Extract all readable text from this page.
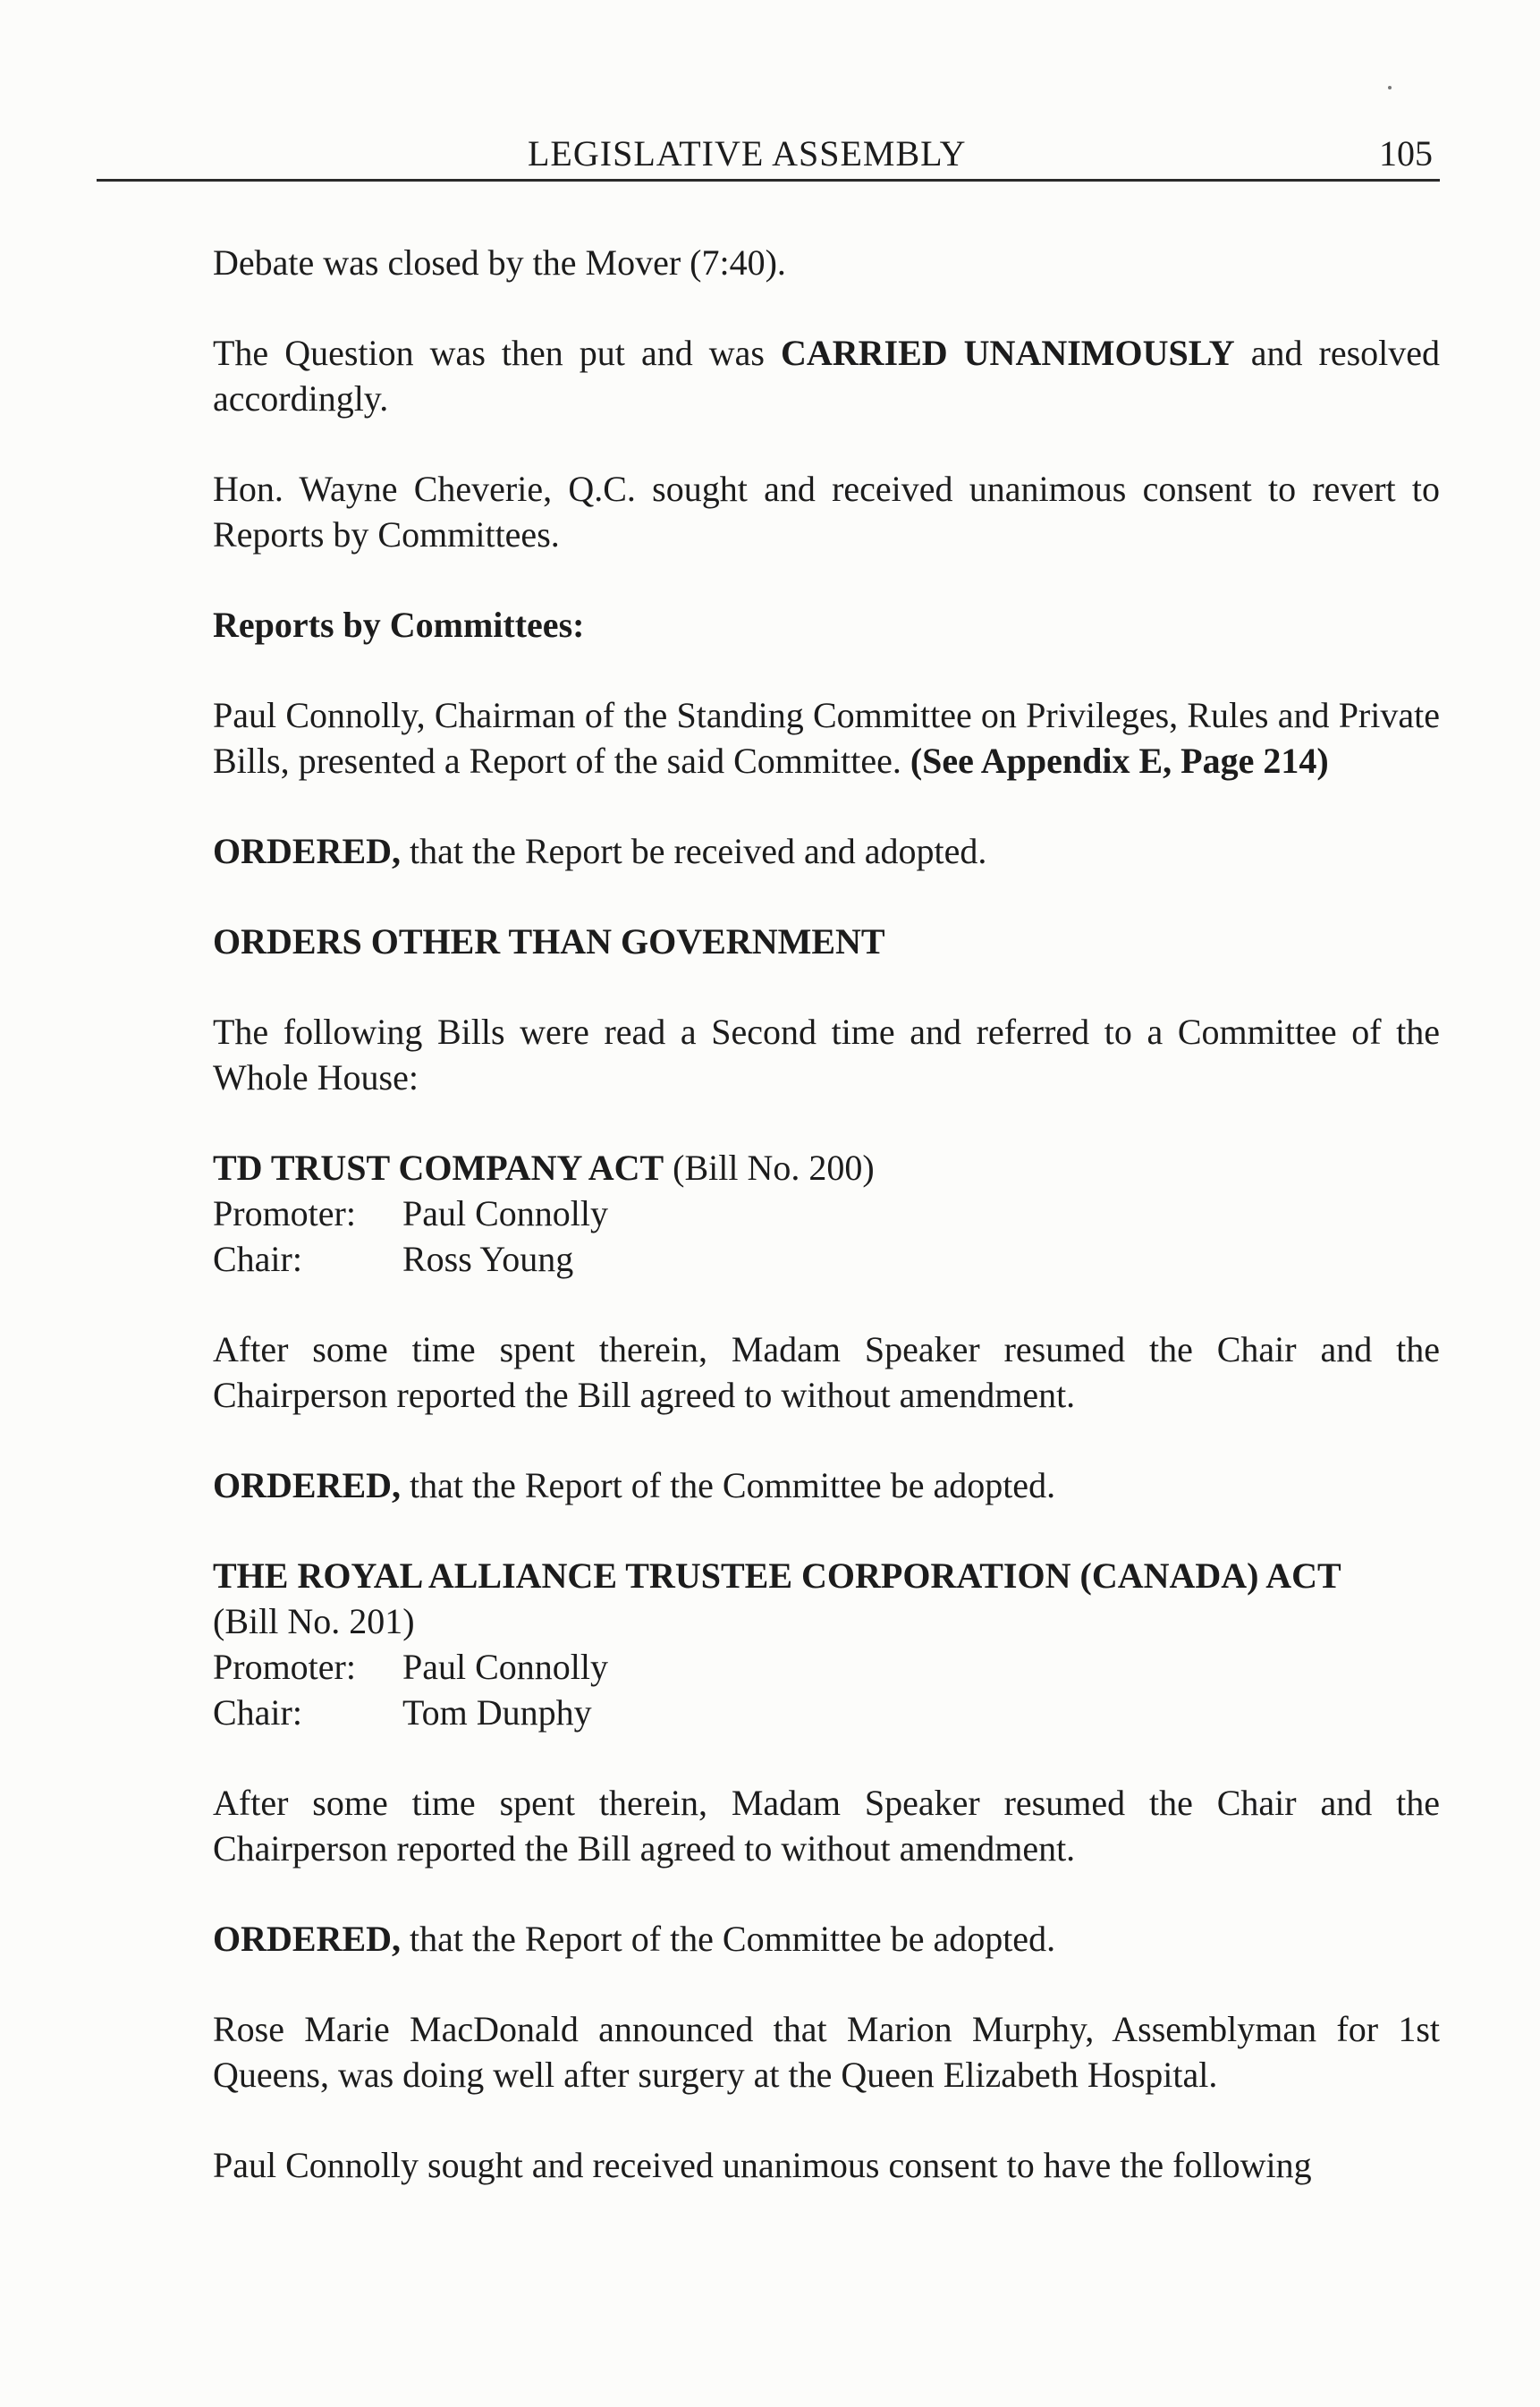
LEGISLATIVE ASSEMBLY	105

Debate was closed by the Mover (7:40).

The Question was then put and was CARRIED UNANIMOUSLY and resolved accordingly.

Hon. Wayne Cheverie, Q.C. sought and received unanimous consent to revert to Reports by Committees.

Reports by Committees:

Paul Connolly, Chairman of the Standing Committee on Privileges, Rules and Private Bills, presented a Report of the said Committee. (See Appendix E, Page 214)

ORDERED, that the Report be received and adopted.

ORDERS OTHER THAN GOVERNMENT

The following Bills were read a Second time and referred to a Committee of the Whole House:

TD TRUST COMPANY ACT (Bill No. 200)
Promoter:	Paul Connolly
Chair:	Ross Young

After some time spent therein, Madam Speaker resumed the Chair and the Chairperson reported the Bill agreed to without amendment.

ORDERED, that the Report of the Committee be adopted.

THE ROYAL ALLIANCE TRUSTEE CORPORATION (CANADA) ACT
(Bill No. 201)
Promoter:	Paul Connolly
Chair:	Tom Dunphy

After some time spent therein, Madam Speaker resumed the Chair and the Chairperson reported the Bill agreed to without amendment.

ORDERED, that the Report of the Committee be adopted.

Rose Marie MacDonald announced that Marion Murphy, Assemblyman for 1st Queens, was doing well after surgery at the Queen Elizabeth Hospital.

Paul Connolly sought and received unanimous consent to have the following
